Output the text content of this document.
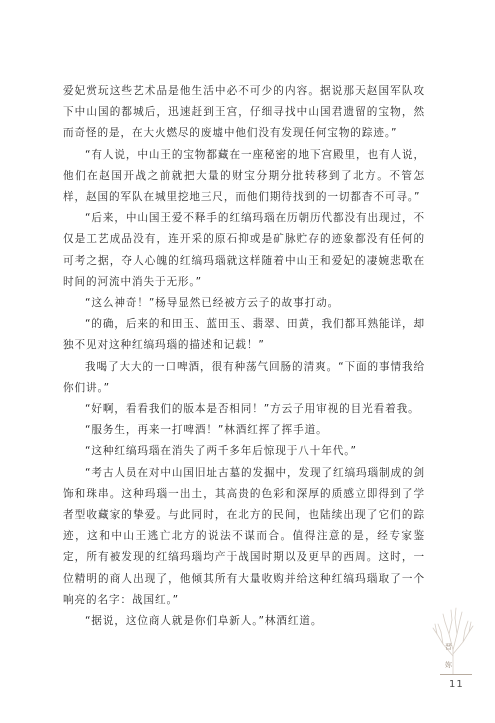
爱妃赏玩这些艺术品是他生活中必不可少的内容。据说那天赵国军队攻下中山国的都城后，迅速赶到王宫，仔细寻找中山国君遗留的宝物，然而奇怪的是，在大火燃尽的废墟中他们没有发现任何宝物的踪迹。”

“有人说，中山王的宝物都藏在一座秘密的地下宫殿里，也有人说，他们在赵国开战之前就把大量的财宝分期分批转移到了北方。不管怎样，赵国的军队在城里挖地三尺，而他们期待找到的一切都杳不可寻。”

“后来，中山国王爱不释手的红缟玛瑙在历朝历代都没有出现过，不仅是工艺成品没有，连开采的原石抑或是矿脉贮存的迹象都没有任何的可考之据，夺人心魄的红缟玛瑙就这样随着中山王和爱妃的凄婉悲歌在时间的河流中消失于无形。”

“这么神奇！”杨导显然已经被方云子的故事打动。

“的确，后来的和田玉、蓝田玉、翡翠、田黄，我们都耳熟能详，却独不见对这种红缟玛瑙的描述和记载！”

我喝了大大的一口啤酒，很有种荡气回肠的清爽。“下面的事情我给你们讲。”

“好啊，看看我们的版本是否相同！”方云子用审视的目光看着我。

“服务生，再来一打啤酒！”林酒红挥了挥手道。

“这种红缟玛瑙在消失了两千多年后惊现于八十年代。”

“考古人员在对中山国旧址古墓的发掘中，发现了红缟玛瑙制成的剑饰和珠串。这种玛瑙一出土，其高贵的色彩和深厚的质感立即得到了学者型收藏家的挚爱。与此同时，在北方的民间，也陆续出现了它们的踪迹，这和中山王逃亡北方的说法不谋而合。值得注意的是，经专家鉴定，所有被发现的红缟玛瑙均产于战国时期以及更早的西周。这时，一位精明的商人出现了，他倾其所有大量收购并给这种红缟玛瑙取了一个响亮的名字：战国红。”

“据说，这位商人就是你们阜新人。”林酒红道。

晋
妳
11
